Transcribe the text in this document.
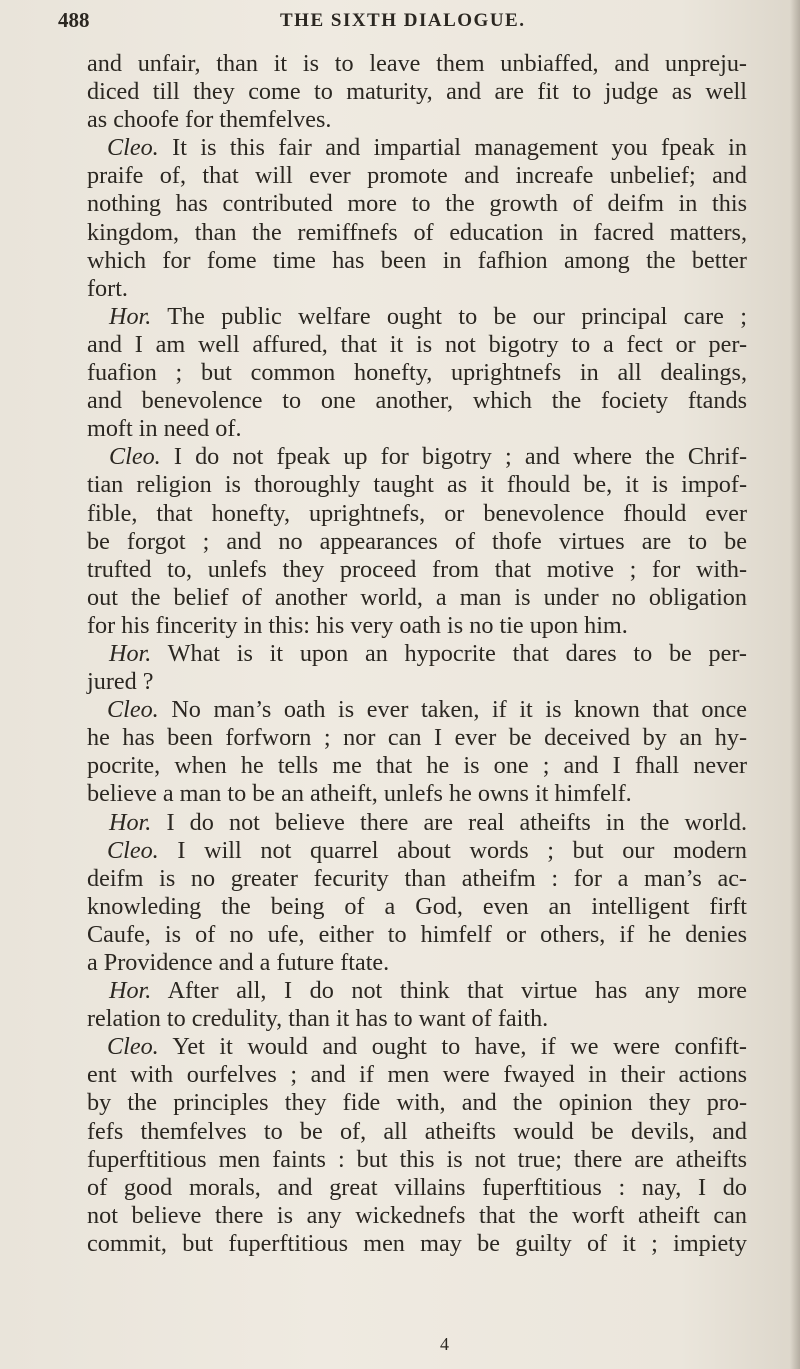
488	THE SIXTH DIALOGUE.
and unfair, than it is to leave them unbiaffed, and unpreju-
diced till they come to maturity, and are fit to judge as well
as choofe for themfelves.
Cleo. It is this fair and impartial management you fpeak in
praife of, that will ever promote and increafe unbelief; and
nothing has contributed more to the growth of deifm in this
kingdom, than the remiffnefs of education in facred matters,
which for fome time has been in fafhion among the better
fort.
Hor. The public welfare ought to be our principal care ;
and I am well affured, that it is not bigotry to a fect or per-
fuafion ; but common honefty, uprightnefs in all dealings,
and benevolence to one another, which the fociety ftands
moft in need of.
Cleo. I do not fpeak up for bigotry ; and where the Chrif-
tian religion is thoroughly taught as it fhould be, it is impof-
fible, that honefty, uprightnefs, or benevolence fhould ever
be forgot ; and no appearances of thofe virtues are to be
trufted to, unlefs they proceed from that motive ; for with-
out the belief of another world, a man is under no obligation
for his fincerity in this: his very oath is no tie upon him.
Hor. What is it upon an hypocrite that dares to be per-
jured ?
Cleo. No man’s oath is ever taken, if it is known that once
he has been forfworn ; nor can I ever be deceived by an hy-
pocrite, when he tells me that he is one ; and I fhall never
believe a man to be an atheift, unlefs he owns it himfelf.
Hor. I do not believe there are real atheifts in the world.
Cleo. I will not quarrel about words ; but our modern
deifm is no greater fecurity than atheifm : for a man’s ac-
knowleding the being of a God, even an intelligent firft
Caufe, is of no ufe, either to himfelf or others, if he denies
a Providence and a future ftate.
Hor. After all, I do not think that virtue has any more
relation to credulity, than it has to want of faith.
Cleo. Yet it would and ought to have, if we were confift-
ent with ourfelves ; and if men were fwayed in their actions
by the principles they fide with, and the opinion they pro-
fefs themfelves to be of, all atheifts would be devils, and
fuperftitious men faints : but this is not true; there are atheifts
of good morals, and great villains fuperftitious : nay, I do
not believe there is any wickednefs that the worft atheift can
commit, but fuperftitious men may be guilty of it ; impiety
4
